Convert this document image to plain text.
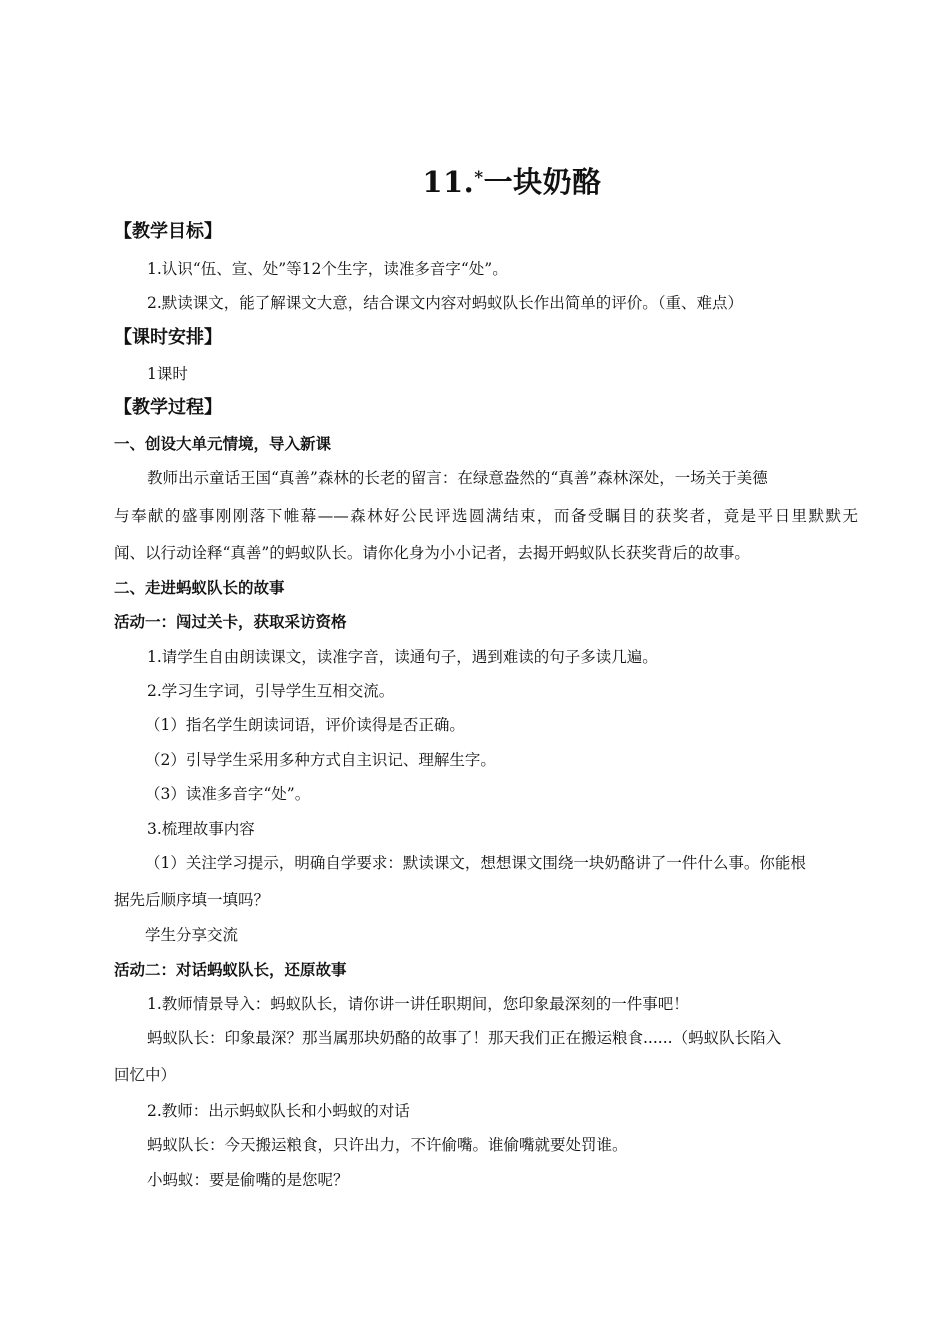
11.*一块奶酪
【教学目标】
1.认识“伍、宣、处”等12个生字，读准多音字“处”。
2.默读课文，能了解课文大意，结合课文内容对蚂蚁队长作出简单的评价。（重、难点）
【课时安排】
1课时
【教学过程】
一、创设大单元情境，导入新课
教师出示童话王国“真善”森林的长老的留言：在绿意盎然的“真善”森林深处，一场关于美德
与奉献的盛事刚刚落下帷幕——森林好公民评选圆满结束，而备受瞩目的获奖者，竟是平日里默默无
闻、以行动诠释“真善”的蚂蚁队长。请你化身为小小记者，去揭开蚂蚁队长获奖背后的故事。
二、走进蚂蚁队长的故事
活动一：闯过关卡，获取采访资格
1.请学生自由朗读课文，读准字音，读通句子，遇到难读的句子多读几遍。
2.学习生字词，引导学生互相交流。
（1）指名学生朗读词语，评价读得是否正确。
（2）引导学生采用多种方式自主识记、理解生字。
（3）读准多音字“处”。
3.梳理故事内容
（1）关注学习提示，明确自学要求：默读课文，想想课文围绕一块奶酪讲了一件什么事。你能根
据先后顺序填一填吗？
学生分享交流
活动二：对话蚂蚁队长，还原故事
1.教师情景导入：蚂蚁队长，请你讲一讲任职期间，您印象最深刻的一件事吧！
蚂蚁队长：印象最深？那当属那块奶酪的故事了！那天我们正在搬运粮食......（蚂蚁队长陷入
回忆中）
2.教师：出示蚂蚁队长和小蚂蚁的对话
蚂蚁队长：今天搬运粮食，只许出力，不许偷嘴。谁偷嘴就要处罚谁。
小蚂蚁：要是偷嘴的是您呢？
